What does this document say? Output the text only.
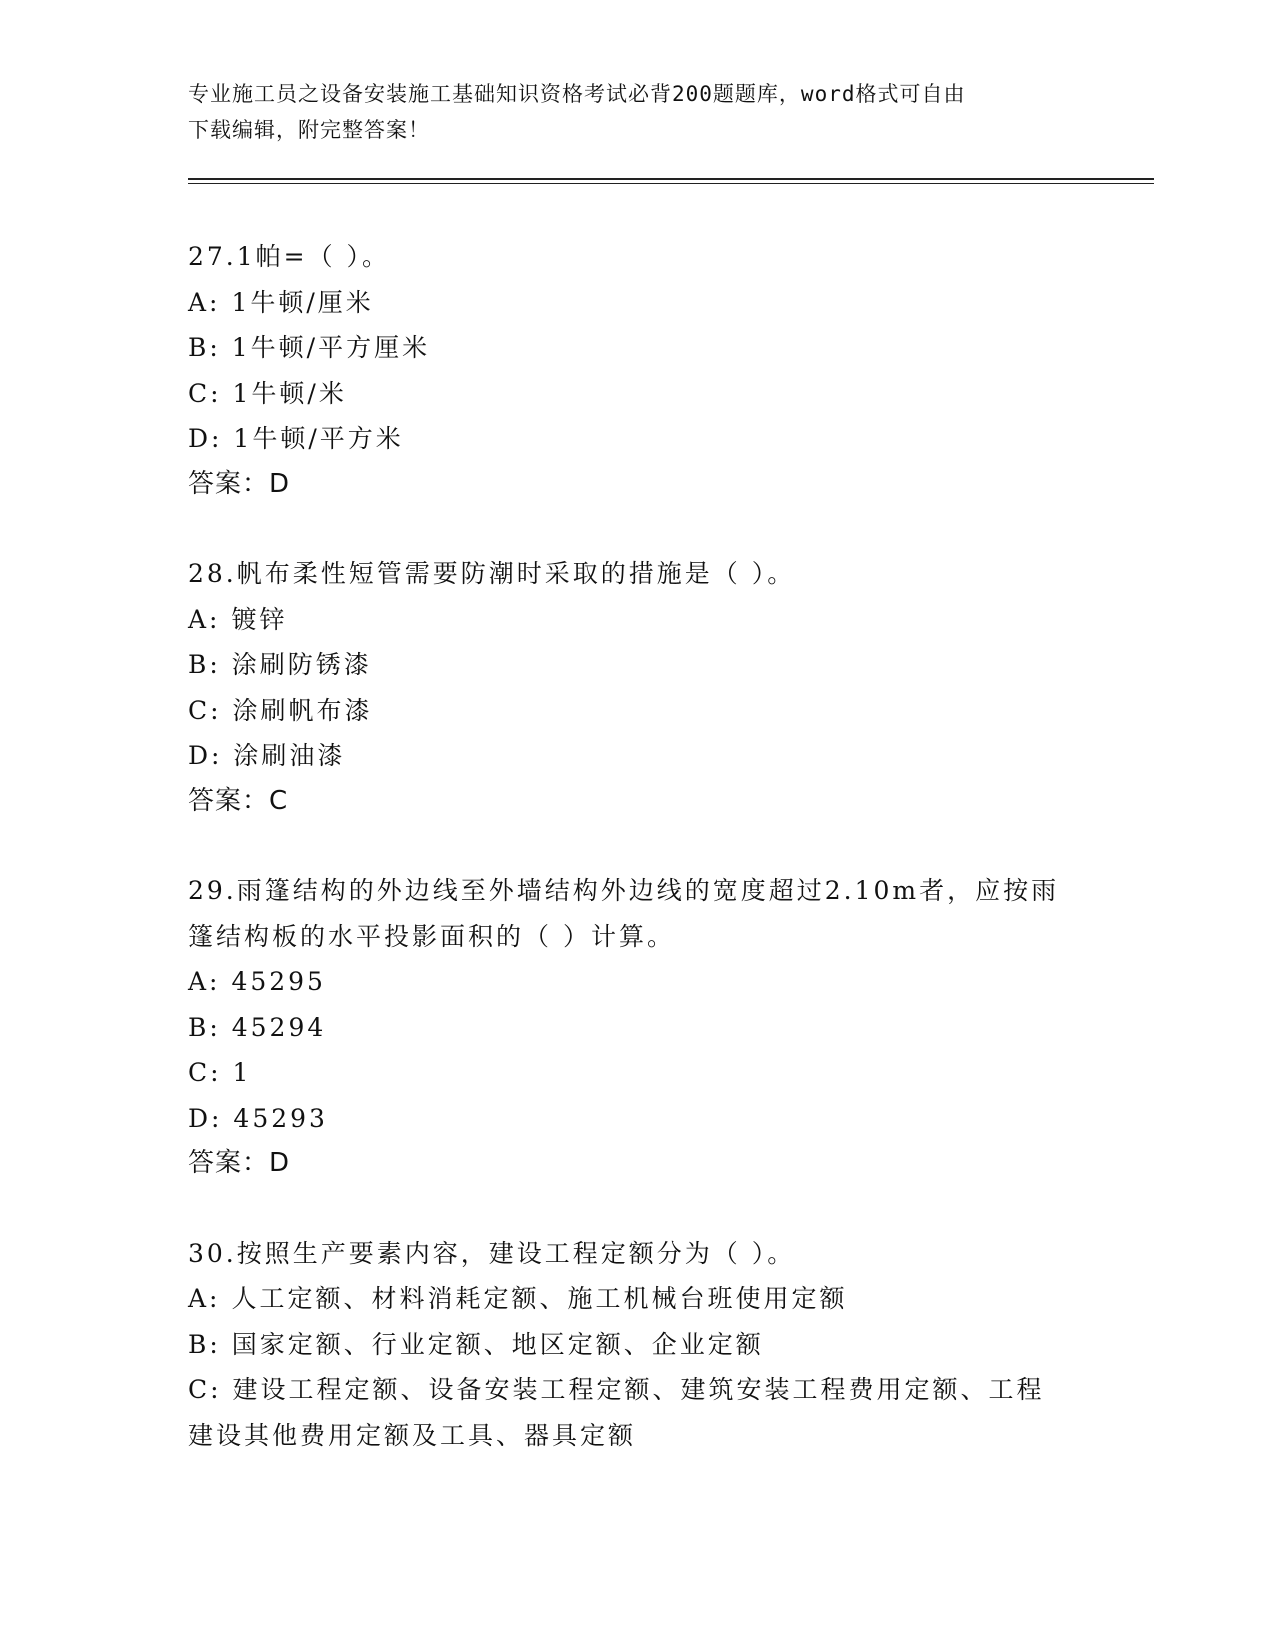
专业施工员之设备安装施工基础知识资格考试必背200题题库，word格式可自由
下载编辑，附完整答案！
27.1帕=（ ）。
A: 1牛顿/厘米
B: 1牛顿/平方厘米
C: 1牛顿/米
D: 1牛顿/平方米
答案：D
28.帆布柔性短管需要防潮时采取的措施是（ ）。
A: 镀锌
B: 涂刷防锈漆
C: 涂刷帆布漆
D: 涂刷油漆
答案：C
29.雨篷结构的外边线至外墙结构外边线的宽度超过2.10m者，应按雨
篷结构板的水平投影面积的（ ）计算。
A: 45295
B: 45294
C: 1
D: 45293
答案：D
30.按照生产要素内容，建设工程定额分为（ ）。
A: 人工定额、材料消耗定额、施工机械台班使用定额
B: 国家定额、行业定额、地区定额、企业定额
C: 建设工程定额、设备安装工程定额、建筑安装工程费用定额、工程
建设其他费用定额及工具、器具定额
